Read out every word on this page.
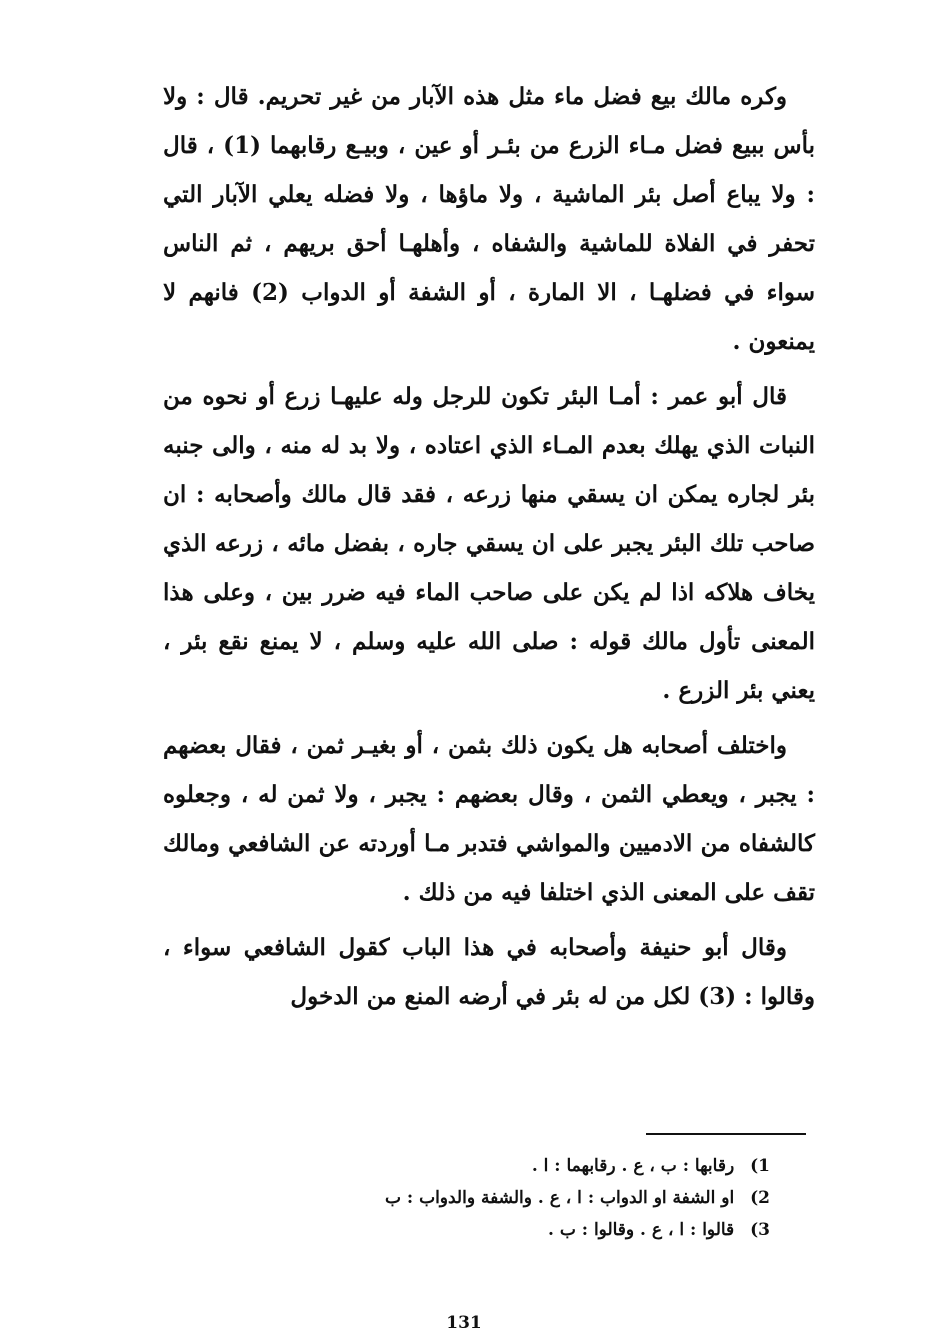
وكره مالك بيع فضل ماء مثل هذه الآبار من غير تحريم. قال : ولا بأس ببيع فضل مـاء الزرع من بئـر أو عين ، وبيـع رقابهما (1) ، قال : ولا يباع أصل بئر الماشية ، ولا ماؤها ، ولا فضله يعلي الآبار التي تحفر في الفلاة للماشية والشفاه ، وأهلهـا أحق بريهم ، ثم الناس سواء في فضلهـا ، الا المارة ، أو الشفة أو الدواب (2) فانهم لا يمنعون .

قال أبو عمر : أمـا البئر تكون للرجل وله عليهـا زرع أو نحوه من النبات الذي يهلك بعدم المـاء الذي اعتاده ، ولا بد له منه ، والى جنبه بئر لجاره يمكن ان يسقي منها زرعه ، فقد قال مالك وأصحابه : ان صاحب تلك البئر يجبر على ان يسقي جاره ، بفضل مائه ، زرعه الذي يخاف هلاكه اذا لم يكن على صاحب الماء فيه ضرر بين ، وعلى هذا المعنى تأول مالك قوله : صلى الله عليه وسلم ، لا يمنع نقع بئر ، يعني بئر الزرع .

واختلف أصحابه هل يكون ذلك بثمن ، أو بغيـر ثمن ، فقال بعضهم : يجبر ، ويعطي الثمن ، وقال بعضهم : يجبر ، ولا ثمن له ، وجعلوه كالشفاه من الادميين والمواشي فتدبر مـا أوردته عن الشافعي ومالك تقف على المعنى الذي اختلفا فيه من ذلك .

وقال أبو حنيفة وأصحابه في هذا الباب كقول الشافعي سواء ، وقالوا : (3) لكل من له بئر في أرضه المنع من الدخول

1) رقابها : ب ، ع . رقابهما : ا .
2) او الشفة او الدواب : ا ، ع . والشفة والدواب : ب
3) قالوا : ا ، ع . وقالوا : ب .
131
